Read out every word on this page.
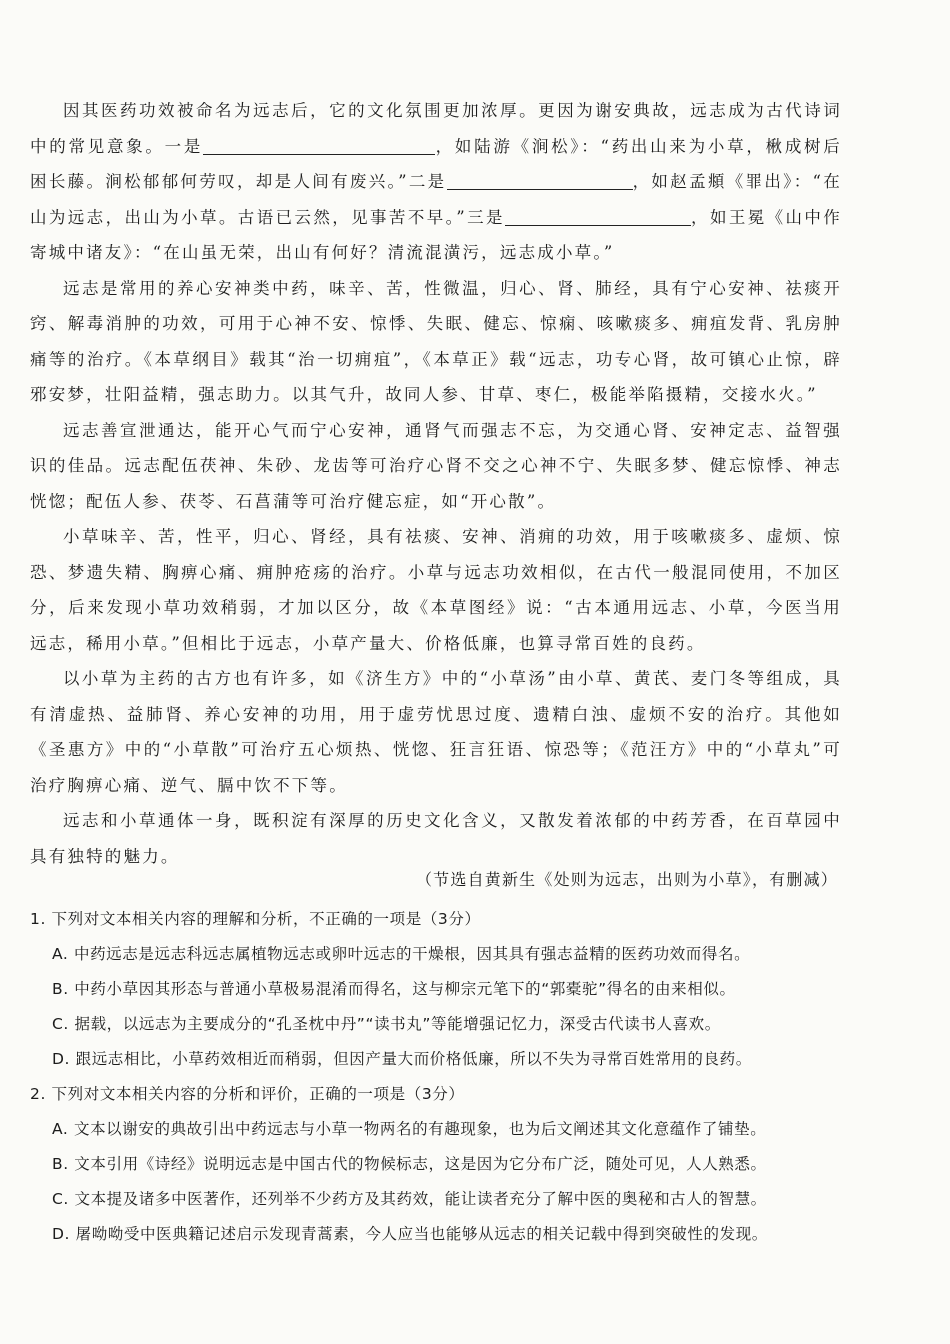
因其医药功效被命名为远志后，它的文化氛围更加浓厚。更因为谢安典故，远志成为古代诗词中的常见意象。一是	，如陆游《涧松》：“药出山来为小草，楸成树后困长藤。涧松郁郁何劳叹，却是人间有废兴。”二是	，如赵孟頫《罪出》：“在山为远志，出山为小草。古语已云然，见事苦不早。”三是	，如王冕《山中作寄城中诸友》：“在山虽无荣，出山有何好？清流混潢污，远志成小草。”

远志是常用的养心安神类中药，味辛、苦，性微温，归心、肾、肺经，具有宁心安神、祛痰开窍、解毒消肿的功效，可用于心神不安、惊悸、失眠、健忘、惊痫、咳嗽痰多、痈疽发背、乳房肿痛等的治疗。《本草纲目》载其“治一切痈疽”，《本草正》载“远志，功专心肾，故可镇心止惊，辟邪安梦，壮阳益精，强志助力。以其气升，故同人参、甘草、枣仁，极能举陷摄精，交接水火。”

远志善宣泄通达，能开心气而宁心安神，通肾气而强志不忘，为交通心肾、安神定志、益智强识的佳品。远志配伍茯神、朱砂、龙齿等可治疗心肾不交之心神不宁、失眠多梦、健忘惊悸、神志恍惚；配伍人参、茯苓、石菖蒲等可治疗健忘症，如“开心散”。

小草味辛、苦，性平，归心、肾经，具有祛痰、安神、消痈的功效，用于咳嗽痰多、虚烦、惊恐、梦遗失精、胸痹心痛、痈肿疮疡的治疗。小草与远志功效相似，在古代一般混同使用，不加区分，后来发现小草功效稍弱，才加以区分，故《本草图经》说：“古本通用远志、小草，今医当用远志，稀用小草。”但相比于远志，小草产量大、价格低廉，也算寻常百姓的良药。

以小草为主药的古方也有许多，如《济生方》中的“小草汤”由小草、黄芪、麦门冬等组成，具有清虚热、益肺肾、养心安神的功用，用于虚劳忧思过度、遗精白浊、虚烦不安的治疗。其他如《圣惠方》中的“小草散”可治疗五心烦热、恍惚、狂言狂语、惊恐等；《范汪方》中的“小草丸”可治疗胸痹心痛、逆气、膈中饮不下等。

远志和小草通体一身，既积淀有深厚的历史文化含义，又散发着浓郁的中药芳香，在百草园中具有独特的魅力。

（节选自黄新生《处则为远志，出则为小草》，有删减）

1. 下列对文本相关内容的理解和分析，不正确的一项是（3分）

A. 中药远志是远志科远志属植物远志或卵叶远志的干燥根，因其具有强志益精的医药功效而得名。

B. 中药小草因其形态与普通小草极易混淆而得名，这与柳宗元笔下的“郭橐驼”得名的由来相似。

C. 据载，以远志为主要成分的“孔圣枕中丹”“读书丸”等能增强记忆力，深受古代读书人喜欢。

D. 跟远志相比，小草药效相近而稍弱，但因产量大而价格低廉，所以不失为寻常百姓常用的良药。

2. 下列对文本相关内容的分析和评价，正确的一项是（3分）

A. 文本以谢安的典故引出中药远志与小草一物两名的有趣现象，也为后文阐述其文化意蕴作了铺垫。

B. 文本引用《诗经》说明远志是中国古代的物候标志，这是因为它分布广泛，随处可见，人人熟悉。

C. 文本提及诸多中医著作，还列举不少药方及其药效，能让读者充分了解中医的奥秘和古人的智慧。

D. 屠呦呦受中医典籍记述启示发现青蒿素，今人应当也能够从远志的相关记载中得到突破性的发现。
